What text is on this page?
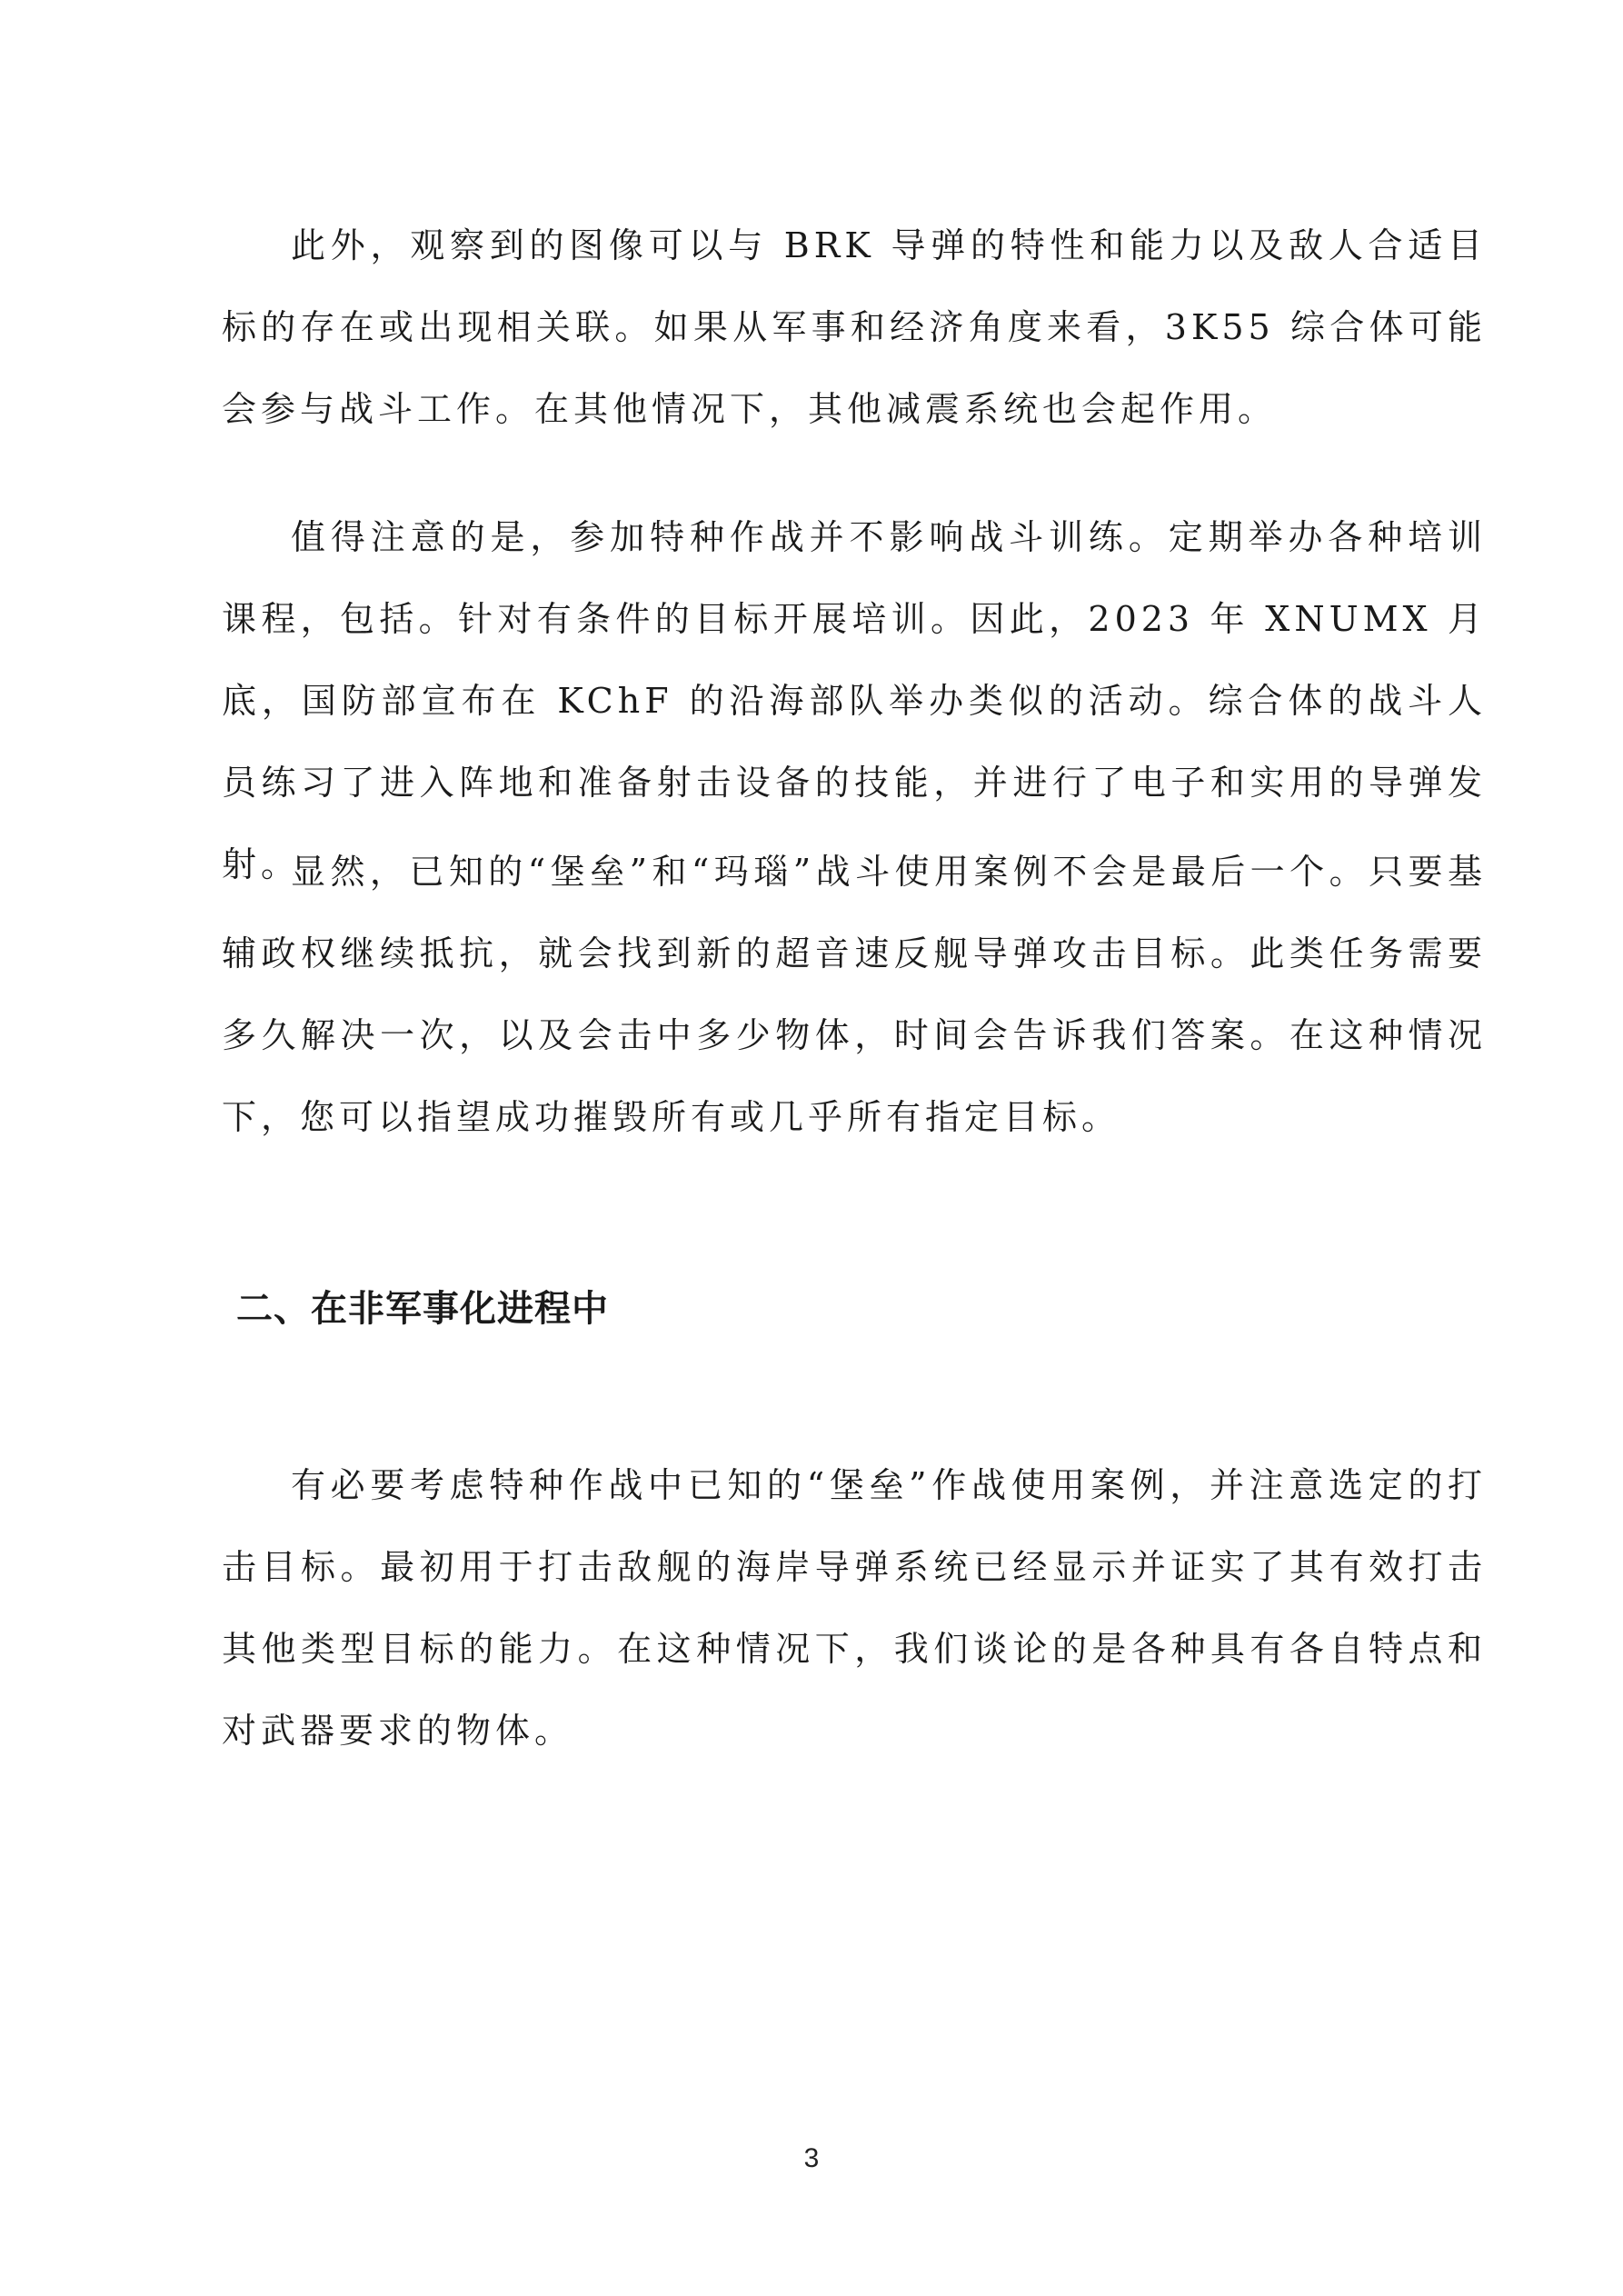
此外，观察到的图像可以与 BRK 导弹的特性和能力以及敌人合适目标的存在或出现相关联。如果从军事和经济角度来看，3K55 综合体可能会参与战斗工作。在其他情况下，其他减震系统也会起作用。

值得注意的是，参加特种作战并不影响战斗训练。定期举办各种培训课程，包括。针对有条件的目标开展培训。因此，2023 年 XNUMX 月底，国防部宣布在 KChF 的沿海部队举办类似的活动。综合体的战斗人员练习了进入阵地和准备射击设备的技能，并进行了电子和实用的导弹发射。

显然，已知的“堡垒”和“玛瑙”战斗使用案例不会是最后一个。只要基辅政权继续抵抗，就会找到新的超音速反舰导弹攻击目标。此类任务需要多久解决一次，以及会击中多少物体，时间会告诉我们答案。在这种情况下，您可以指望成功摧毁所有或几乎所有指定目标。

二、在非军事化进程中

有必要考虑特种作战中已知的“堡垒”作战使用案例，并注意选定的打击目标。最初用于打击敌舰的海岸导弹系统已经显示并证实了其有效打击其他类型目标的能力。在这种情况下，我们谈论的是各种具有各自特点和对武器要求的物体。

3
